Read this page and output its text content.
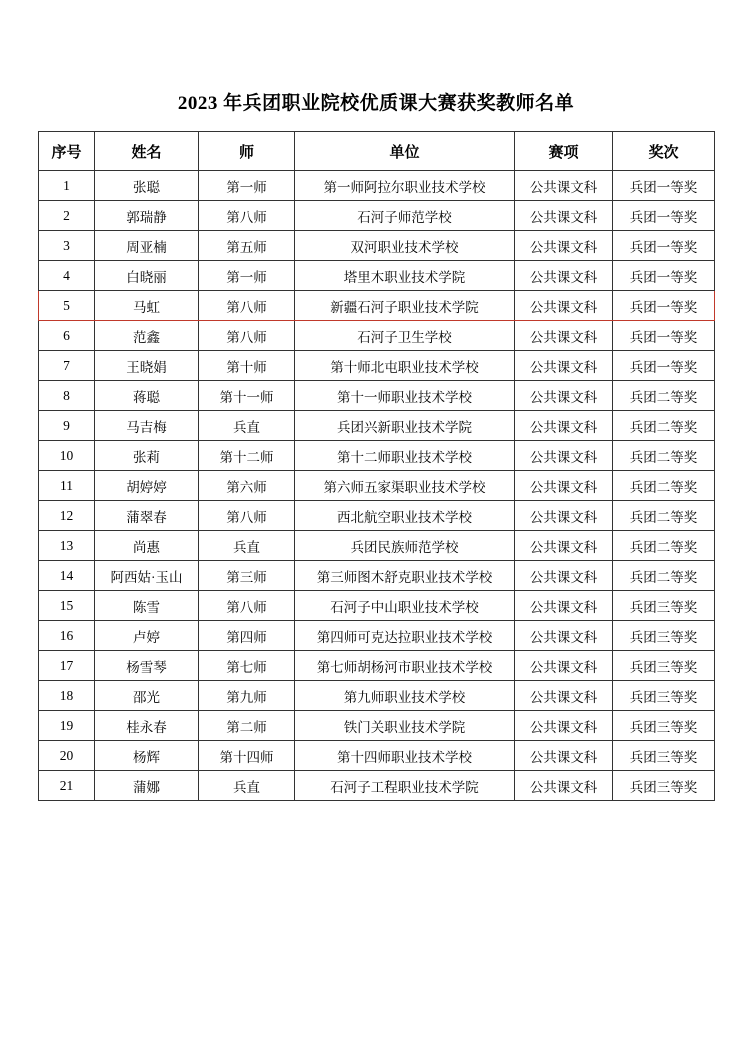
2023 年兵团职业院校优质课大赛获奖教师名单
序号	姓名	师	单位	赛项	奖次
1	张聪	第一师	第一师阿拉尔职业技术学校	公共课文科	兵团一等奖
2	郭瑞静	第八师	石河子师范学校	公共课文科	兵团一等奖
3	周亚楠	第五师	双河职业技术学校	公共课文科	兵团一等奖
4	白晓丽	第一师	塔里木职业技术学院	公共课文科	兵团一等奖
5	马虹	第八师	新疆石河子职业技术学院	公共课文科	兵团一等奖
6	范鑫	第八师	石河子卫生学校	公共课文科	兵团一等奖
7	王晓娟	第十师	第十师北屯职业技术学校	公共课文科	兵团一等奖
8	蒋聪	第十一师	第十一师职业技术学校	公共课文科	兵团二等奖
9	马吉梅	兵直	兵团兴新职业技术学院	公共课文科	兵团二等奖
10	张莉	第十二师	第十二师职业技术学校	公共课文科	兵团二等奖
11	胡婷婷	第六师	第六师五家渠职业技术学校	公共课文科	兵团二等奖
12	蒲翠春	第八师	西北航空职业技术学校	公共课文科	兵团二等奖
13	尚惠	兵直	兵团民族师范学校	公共课文科	兵团二等奖
14	阿西姑·玉山	第三师	第三师图木舒克职业技术学校	公共课文科	兵团二等奖
15	陈雪	第八师	石河子中山职业技术学校	公共课文科	兵团三等奖
16	卢婷	第四师	第四师可克达拉职业技术学校	公共课文科	兵团三等奖
17	杨雪琴	第七师	第七师胡杨河市职业技术学校	公共课文科	兵团三等奖
18	邵光	第九师	第九师职业技术学校	公共课文科	兵团三等奖
19	桂永春	第二师	铁门关职业技术学院	公共课文科	兵团三等奖
20	杨辉	第十四师	第十四师职业技术学校	公共课文科	兵团三等奖
21	蒲娜	兵直	石河子工程职业技术学院	公共课文科	兵团三等奖
